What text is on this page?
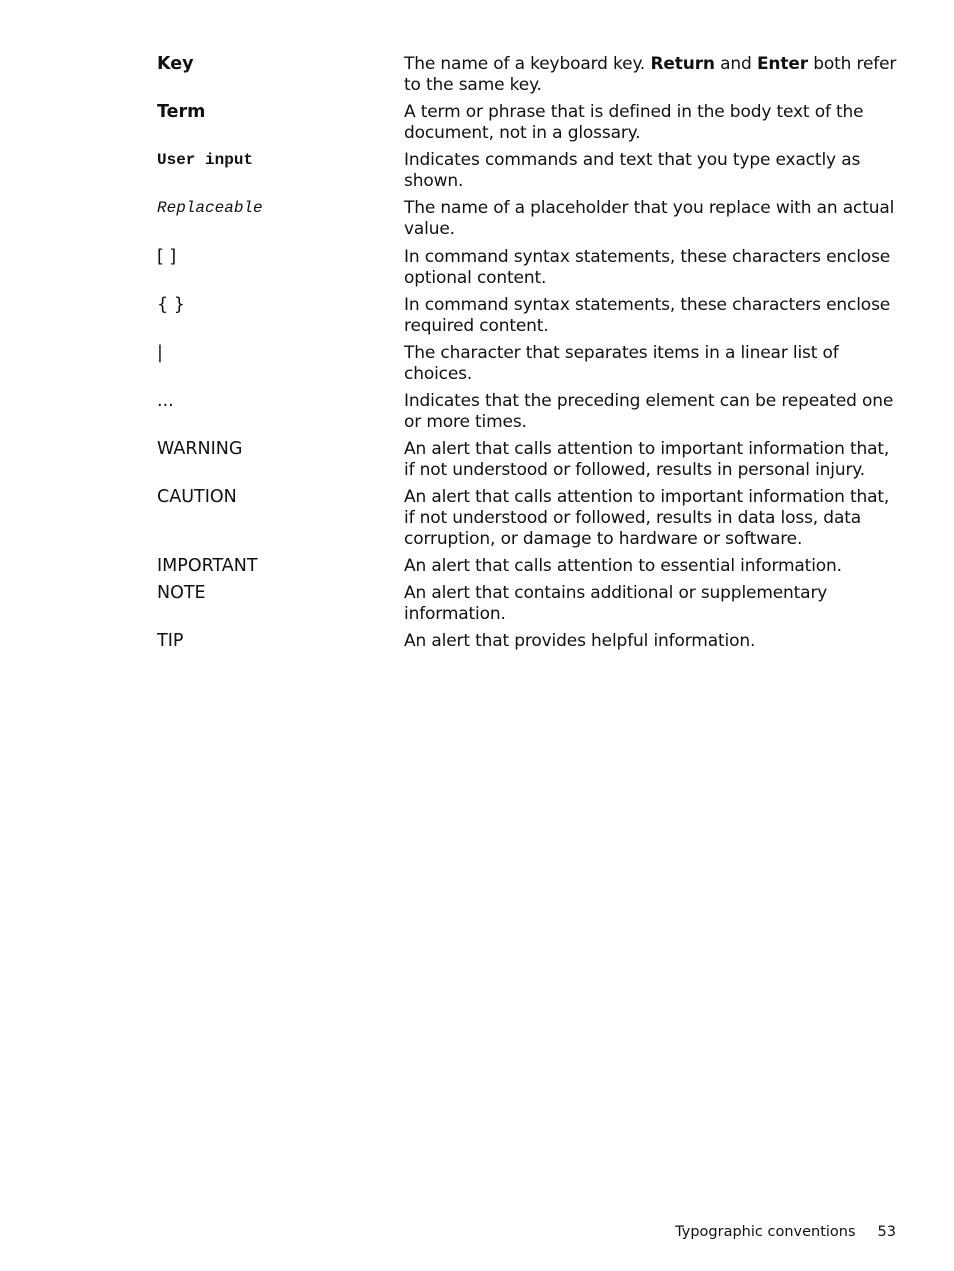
Key	The name of a keyboard key. Return and Enter both refer to the same key.
Term	A term or phrase that is defined in the body text of the document, not in a glossary.
User input	Indicates commands and text that you type exactly as shown.
Replaceable	The name of a placeholder that you replace with an actual value.
[ ]	In command syntax statements, these characters enclose optional content.
{ }	In command syntax statements, these characters enclose required content.
|	The character that separates items in a linear list of choices.
...	Indicates that the preceding element can be repeated one or more times.
WARNING	An alert that calls attention to important information that, if not understood or followed, results in personal injury.
CAUTION	An alert that calls attention to important information that, if not understood or followed, results in data loss, data corruption, or damage to hardware or software.
IMPORTANT	An alert that calls attention to essential information.
NOTE	An alert that contains additional or supplementary information.
TIP	An alert that provides helpful information.
Typographic conventions 53
